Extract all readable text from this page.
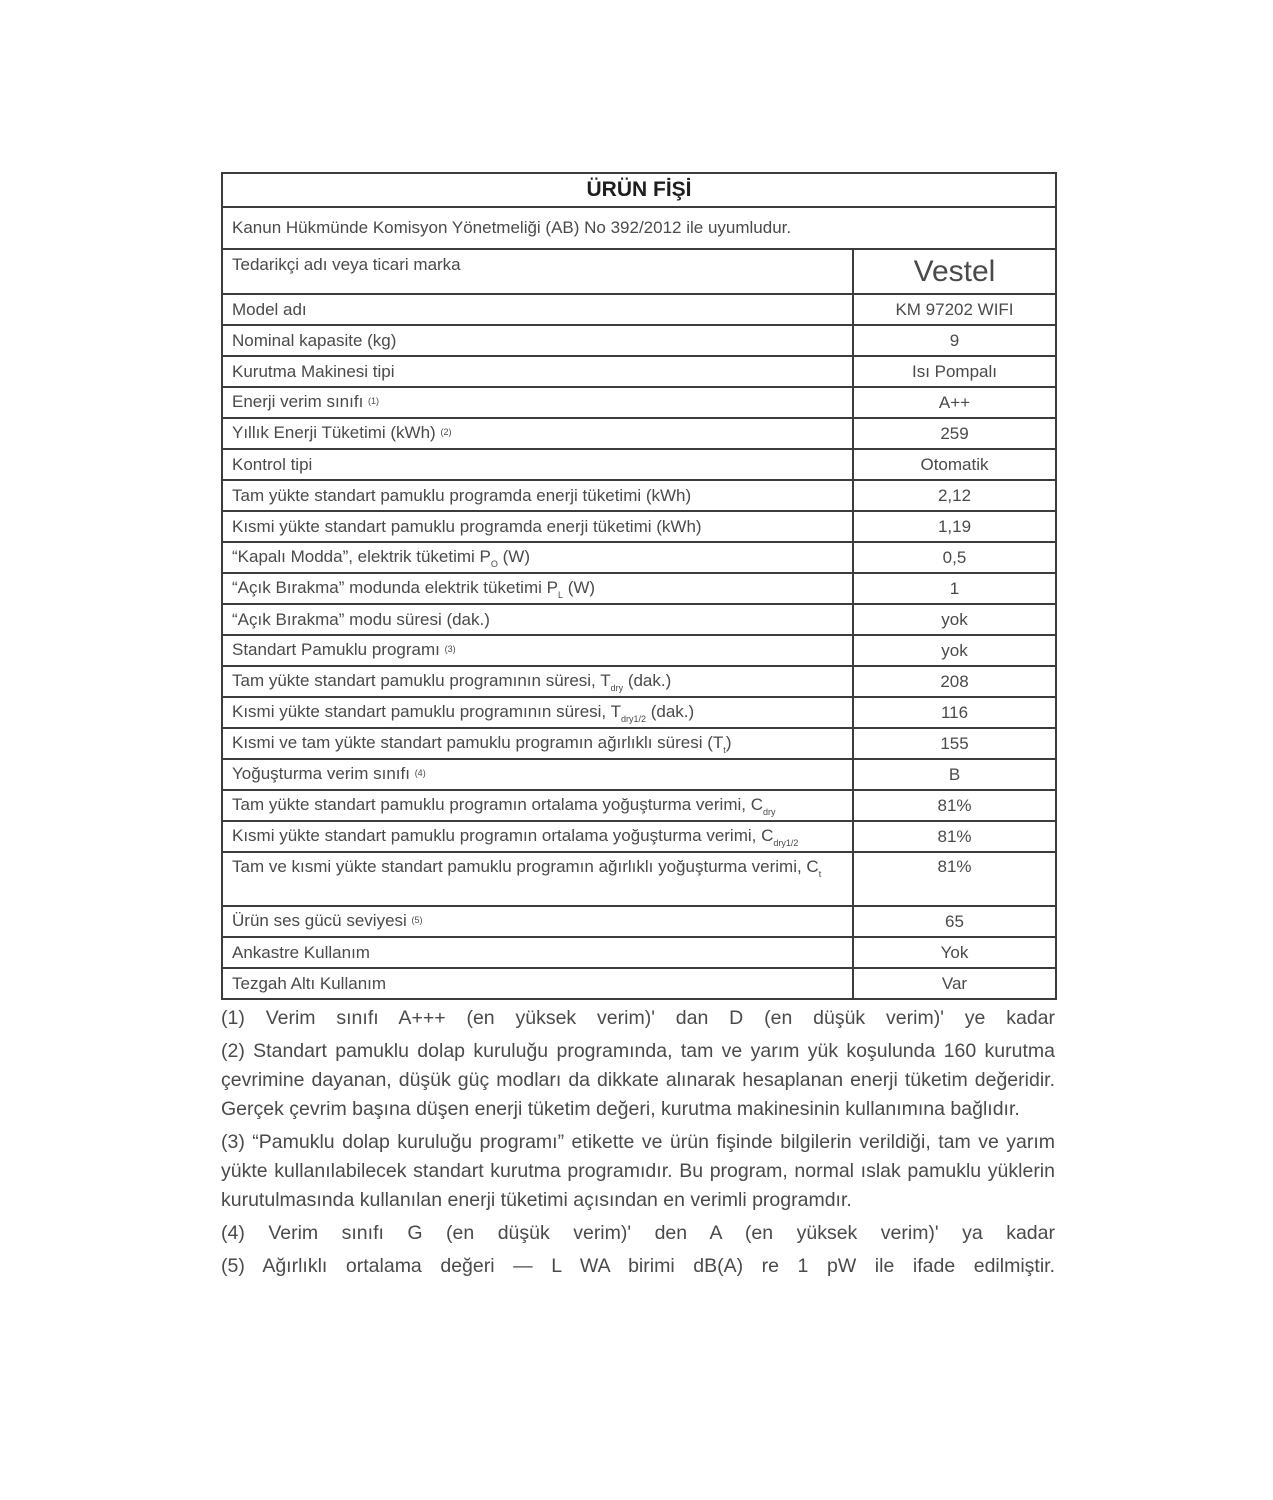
ÜRÜN FİŞİ	
Kanun Hükmünde Komisyon Yönetmeliği (AB) No 392/2012 ile uyumludur.	
Tedarikçi adı veya ticari marka	Vestel
Model adı	KM 97202 WIFI
Nominal kapasite (kg)	9
Kurutma Makinesi tipi	Isı Pompalı
Enerji verim sınıfı $^{(1)}$	A++
Yıllık Enerji Tüketimi (kWh) $^{(2)}$	259
Kontrol tipi	Otomatik
Tam yükte standart pamuklu programda enerji tüketimi (kWh)	2,12
Kısmi yükte standart pamuklu programda enerji tüketimi (kWh)	1,19
“Kapalı Modda”, elektrik tüketimi $P_O$ (W)	0,5
“Açık Bırakma” modunda elektrik tüketimi $P_L$ (W)	1
“Açık Bırakma” modu süresi (dak.)	yok
Standart Pamuklu programı $^{(3)}$	yok
Tam yükte standart pamuklu programının süresi, $T_{dry}$ (dak.)	208
Kısmi yükte standart pamuklu programının süresi, $T_{dry1/2}$ (dak.)	116
Kısmi ve tam yükte standart pamuklu programın ağırlıklı süresi $(T_t)$	155
Yoğuşturma verim sınıfı $^{(4)}$	B
Tam yükte standart pamuklu programın ortalama yoğuşturma verimi, $C_{dry}$	81%
Kısmi yükte standart pamuklu programın ortalama yoğuşturma verimi, $C_{dry1/2}$	81%
Tam ve kısmi yükte standart pamuklu programın ağırlıklı yoğuşturma verimi, $C_t$	81%
Ürün ses gücü seviyesi $^{(5)}$	65
Ankastre Kullanım	Yok
Tezgah Altı Kullanım	Var
(1) Verim sınıfı A+++ (en yüksek verim)' dan D (en düşük verim)' ye kadar
(2) Standart pamuklu dolap kuruluğu programında, tam ve yarım yük koşulunda 160 kurutma çevrimine dayanan, düşük güç modları da dikkate alınarak hesaplanan enerji tüketim değeridir. Gerçek çevrim başına düşen enerji tüketim değeri, kurutma makinesinin kullanımına bağlıdır.
(3) “Pamuklu dolap kuruluğu programı” etikette ve ürün fişinde bilgilerin verildiği, tam ve yarım yükte kullanılabilecek standart kurutma programıdır. Bu program, normal ıslak pamuklu yüklerin kurutulmasında kullanılan enerji tüketimi açısından en verimli programdır.
(4) Verim sınıfı G (en düşük verim)' den A (en yüksek verim)' ya kadar
(5) Ağırlıklı ortalama değeri — L WA birimi dB(A) re 1 pW ile ifade edilmiştir.
